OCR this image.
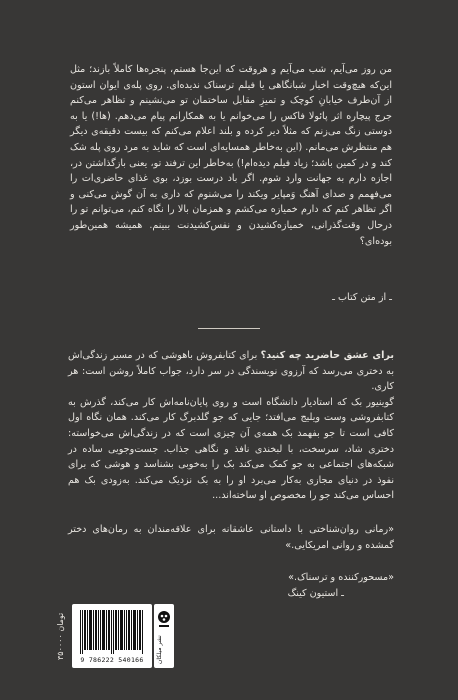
من روز می‌آیم، شب می‌آیم و هروقت که این‌جا هستم، پنجره‌ها کاملاً بازند؛ مثل این‌که هیچ‌وقت اخبار شبانگاهی یا فیلم ترسناک ندیده‌ای. روی پله‌ی ایوان استون از آن‌طرف خیابانِ کوچک و تمیزِ مقابل ساختمان تو می‌نشینم و تظاهر می‌کنم جرج پیچاره اثر پائولا فاکس را می‌خوانم یا به همکارانم پیام می‌دهم. (ها!) یا به دوستی زنگ می‌زنم که مثلاً دیر کرده و بلند اعلام می‌کنم که بیست دقیقه‌ی دیگر هم منتظرش می‌مانم. (این به‌خاطر همسایه‌ای است که شاید به مرد روی پله شک کند و در کمین باشد؛ زیاد فیلم دیده‌ام!) به‌خاطر این ترفند تو، یعنی بازگذاشتن در، اجازه دارم به جهانت وارد شوم. اگر باد درست بوزد، بوی غذای حاضری‌ات را می‌فهمم و صدای آهنگ وَمپایر ویکند را می‌شنوم که داری به آن گوش می‌کنی و اگر تظاهر کنم که دارم خمیازه می‌کشم و همزمان بالا را نگاه کنم، می‌توانم تو را درحال وقت‌گذرانی، خمیازه‌کشیدن و نفس‌کشیدنت ببینم. همیشه همین‌طور بوده‌ای؟

ـ از متن کتاب ـ

برای عشق حاضرید چه کنید؟ برای کتابفروش باهوشی که در مسیر زندگی‌اش به دختری می‌رسد که آرزوی نویسندگی در سر دارد، جواب کاملاً روشن است: هر کاری.
گوینیور بک که استادیار دانشگاه است و روی پایان‌نامه‌اش کار می‌کند، گذرش به کتابفروشی وست ویلیج می‌افتد؛ جایی که جو گلدبرگ کار می‌کند. همان نگاه اول کافی است تا جو بفهمد بک همه‌ی آن چیزی است که در زندگی‌اش می‌خواسته: دختری شاد، سرسخت، با لبخندی نافذ و نگاهی جذاب. جست‌وجویی ساده در شبکه‌های اجتماعی به جو کمک می‌کند بک را به‌خوبی بشناسد و هوشی که برای نفوذ در دنیای مجازی به‌کار می‌برد او را به بک نزدیک می‌کند. به‌زودی بک هم احساس می‌کند جو را مخصوص او ساخته‌اند...

«رمانی روان‌شناختی با داستانی عاشقانه برای علاقه‌مندان به رمان‌های دختر گمشده و روانی امریکایی.»

«مسحورکننده و ترسناک.»
ـ استیون کینگ
۳۵۰۰۰۰ تومان
9 786222 540166	نشر میلکان
